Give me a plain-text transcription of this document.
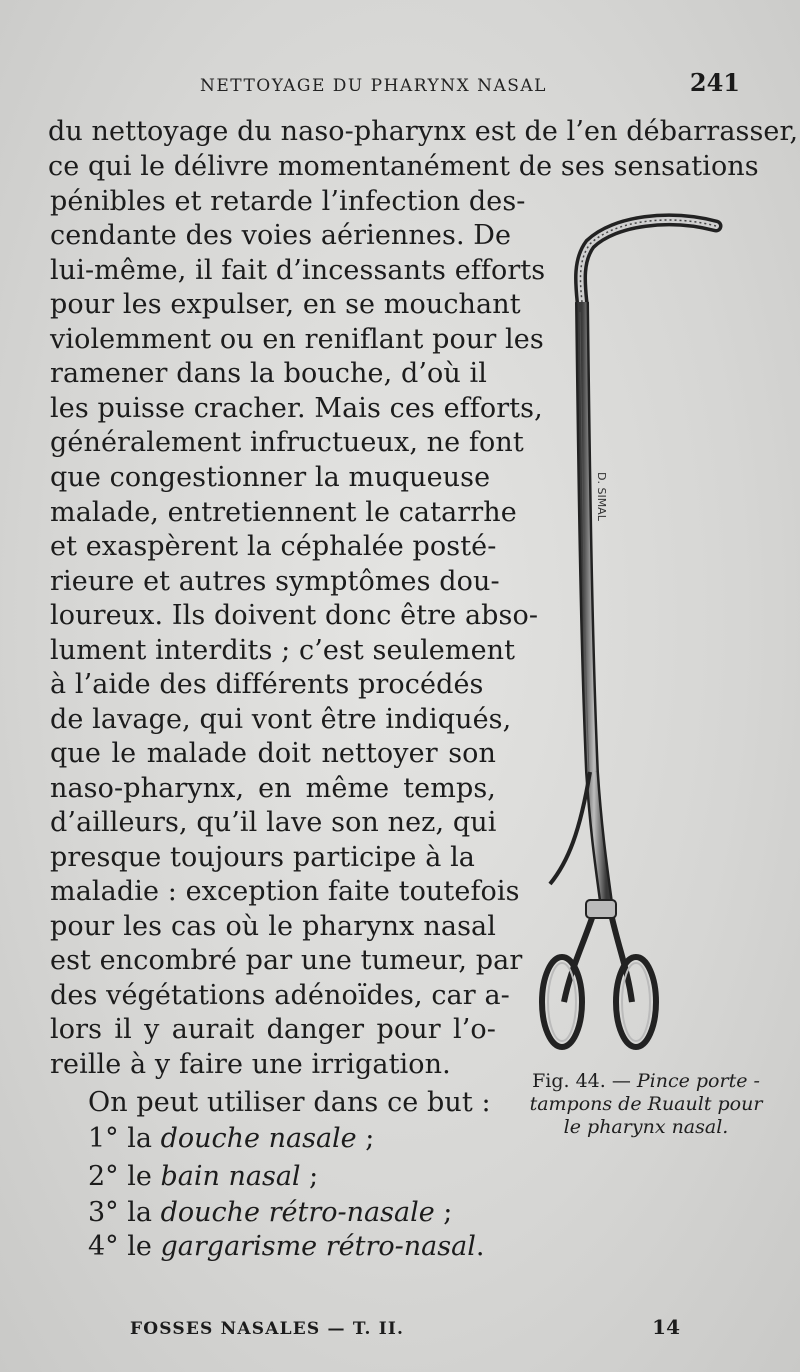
NETTOYAGE DU PHARYNX NASAL	241
du nettoyage du naso-pharynx est de l’en débarrasser,
ce qui le délivre momentanément de ses sensations
pénibles et retarde l’infection des-
cendante des voies aériennes. De
lui-même, il fait d’incessants efforts
pour les expulser, en se mouchant
violemment ou en reniflant pour les
ramener dans la bouche, d’où il
les puisse cracher. Mais ces efforts,
généralement infructueux, ne font
que congestionner la muqueuse
malade, entretiennent le catarrhe
et exaspèrent la céphalée posté-
rieure et autres symptômes dou-
loureux. Ils doivent donc être abso-
lument interdits ; c’est seulement
à l’aide des différents procédés
de lavage, qui vont être indiqués,
que le malade doit nettoyer son
naso-pharynx, en même temps,
d’ailleurs, qu’il lave son nez, qui
presque toujours participe à la
maladie : exception faite toutefois
pour les cas où le pharynx nasal
est encombré par une tumeur, par
des végétations adénoïdes, car a-
lors il y aurait danger pour l’o-
reille à y faire une irrigation.
On peut utiliser dans ce but :
1° la douche nasale ;
2° le bain nasal ;
3° la douche rétro-nasale ;
4° le gargarisme rétro-nasal.
D. SIMAL
Fig. 44. — Pince porte - tampons de Ruault pour le pharynx nasal.
FOSSES NASALES — T. II.	14
